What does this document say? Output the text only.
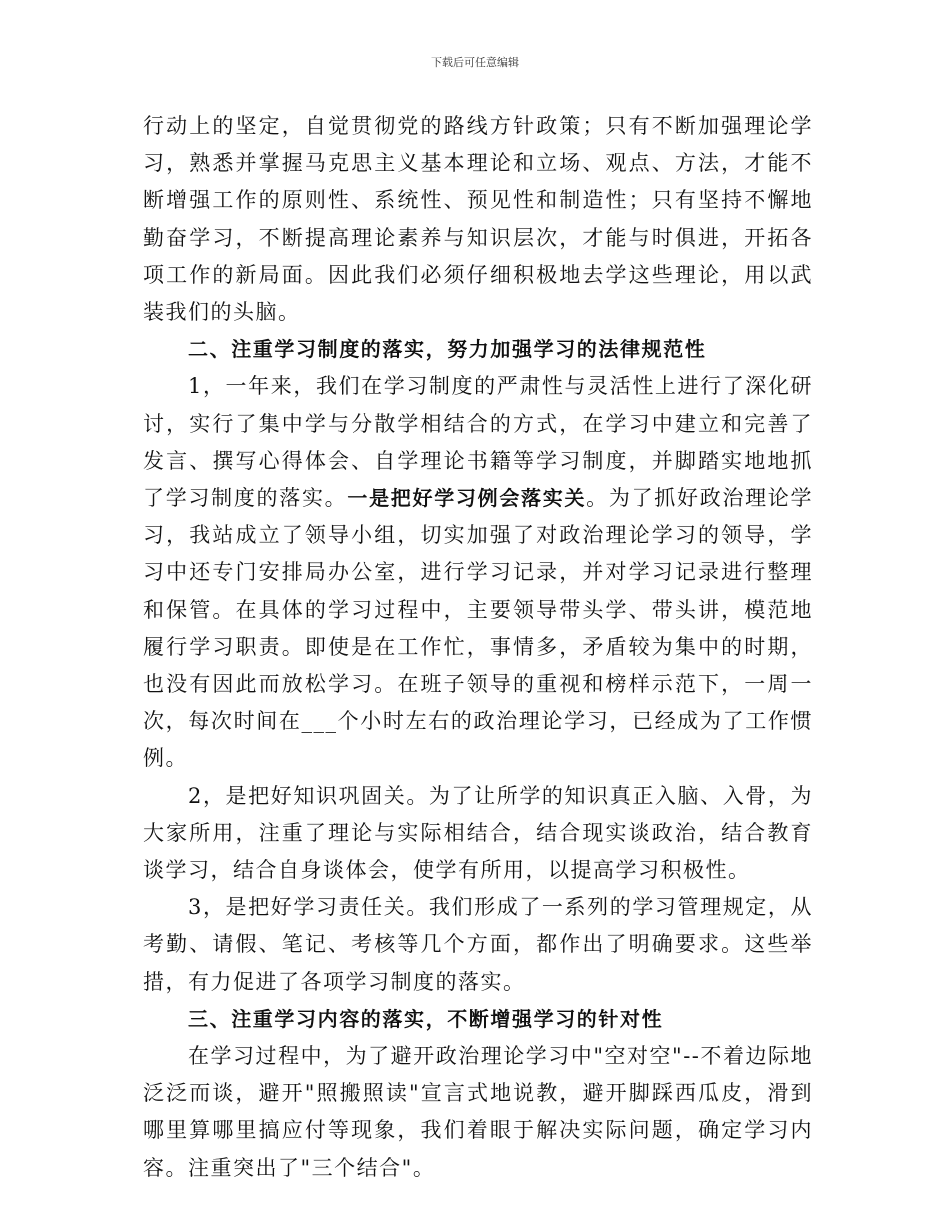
下载后可任意编辑

行动上的坚定，自觉贯彻党的路线方针政策；只有不断加强理论学习，熟悉并掌握马克思主义基本理论和立场、观点、方法，才能不断增强工作的原则性、系统性、预见性和制造性；只有坚持不懈地勤奋学习，不断提高理论素养与知识层次，才能与时俱进，开拓各项工作的新局面。因此我们必须仔细积极地去学这些理论，用以武装我们的头脑。

二、注重学习制度的落实，努力加强学习的法律规范性

1，一年来，我们在学习制度的严肃性与灵活性上进行了深化研讨，实行了集中学与分散学相结合的方式，在学习中建立和完善了发言、撰写心得体会、自学理论书籍等学习制度，并脚踏实地地抓了学习制度的落实。一是把好学习例会落实关。为了抓好政治理论学习，我站成立了领导小组，切实加强了对政治理论学习的领导，学习中还专门安排局办公室，进行学习记录，并对学习记录进行整理和保管。在具体的学习过程中，主要领导带头学、带头讲，模范地履行学习职责。即使是在工作忙，事情多，矛盾较为集中的时期，也没有因此而放松学习。在班子领导的重视和榜样示范下，一周一次，每次时间在___个小时左右的政治理论学习，已经成为了工作惯例。

2，是把好知识巩固关。为了让所学的知识真正入脑、入骨，为大家所用，注重了理论与实际相结合，结合现实谈政治，结合教育谈学习，结合自身谈体会，使学有所用，以提高学习积极性。

3，是把好学习责任关。我们形成了一系列的学习管理规定，从考勤、请假、笔记、考核等几个方面，都作出了明确要求。这些举措，有力促进了各项学习制度的落实。

三、注重学习内容的落实，不断增强学习的针对性

在学习过程中，为了避开政治理论学习中"空对空"--不着边际地泛泛而谈，避开"照搬照读"宣言式地说教，避开脚踩西瓜皮，滑到哪里算哪里搞应付等现象，我们着眼于解决实际问题，确定学习内容。注重突出了"三个结合"。
